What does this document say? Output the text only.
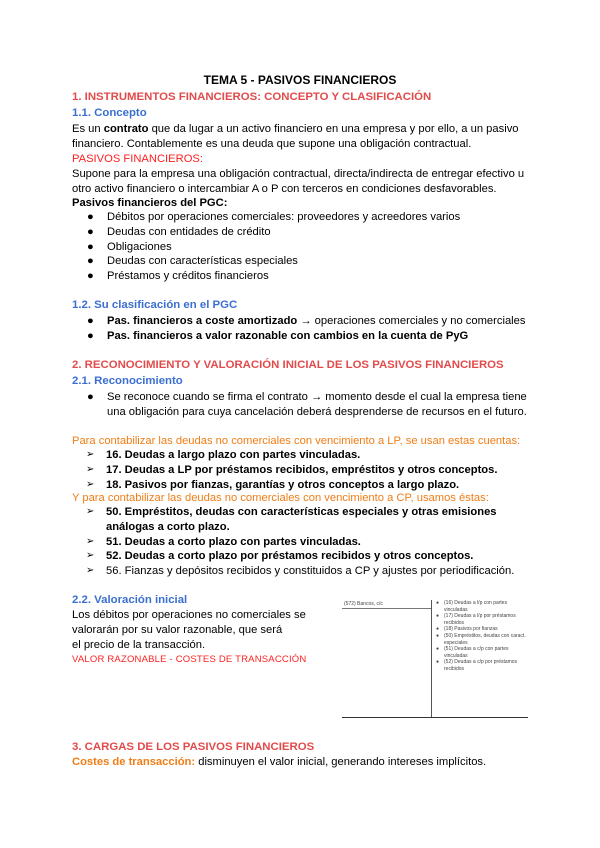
TEMA 5 - PASIVOS FINANCIEROS
1. INSTRUMENTOS FINANCIEROS: CONCEPTO Y CLASIFICACIÓN
1.1. Concepto
Es un contrato que da lugar a un activo financiero en una empresa y por ello, a un pasivo
financiero. Contablemente es una deuda que supone una obligación contractual.
PASIVOS FINANCIEROS:
Supone para la empresa una obligación contractual, directa/indirecta de entregar efectivo u
otro activo financiero o intercambiar A o P con terceros en condiciones desfavorables.
Pasivos financieros del PGC:
● Débitos por operaciones comerciales: proveedores y acreedores varios
● Deudas con entidades de crédito
● Obligaciones
● Deudas con características especiales
● Préstamos y créditos financieros
1.2. Su clasificación en el PGC
● Pas. financieros a coste amortizado → operaciones comerciales y no comerciales
● Pas. financieros a valor razonable con cambios en la cuenta de PyG
2. RECONOCIMIENTO Y VALORACIÓN INICIAL DE LOS PASIVOS FINANCIEROS
2.1. Reconocimiento
● Se reconoce cuando se firma el contrato → momento desde el cual la empresa tiene
una obligación para cuya cancelación deberá desprenderse de recursos en el futuro.
Para contabilizar las deudas no comerciales con vencimiento a LP, se usan estas cuentas:
➢ 16. Deudas a largo plazo con partes vinculadas.
➢ 17. Deudas a LP por préstamos recibidos, empréstitos y otros conceptos.
➢ 18. Pasivos por fianzas, garantías y otros conceptos a largo plazo.
Y para contabilizar las deudas no comerciales con vencimiento a CP, usamos éstas:
➢ 50. Empréstitos, deudas con características especiales y otras emisiones
análogas a corto plazo.
➢ 51. Deudas a corto plazo con partes vinculadas.
➢ 52. Deudas a corto plazo por préstamos recibidos y otros conceptos.
➢ 56. Fianzas y depósitos recibidos y constituidos a CP y ajustes por periodificación.
2.2. Valoración inicial
Los débitos por operaciones no comerciales se
valorarán por su valor razonable, que será
el precio de la transacción.
VALOR RAZONABLE - COSTES DE TRANSACCIÓN
(572) Bancos, c/c	● (16) Deudas a l/p con partes vinculadas
● (17) Deudas a l/p por préstamos recibidos
● (18) Pasivos por fianzas
● (50) Empréstitos, deudas con caract. especiales
● (51) Deudas a c/p con partes vinculadas
● (52) Deudas a c/p por préstamos recibidos
3. CARGAS DE LOS PASIVOS FINANCIEROS
Costes de transacción: disminuyen el valor inicial, generando intereses implícitos.
